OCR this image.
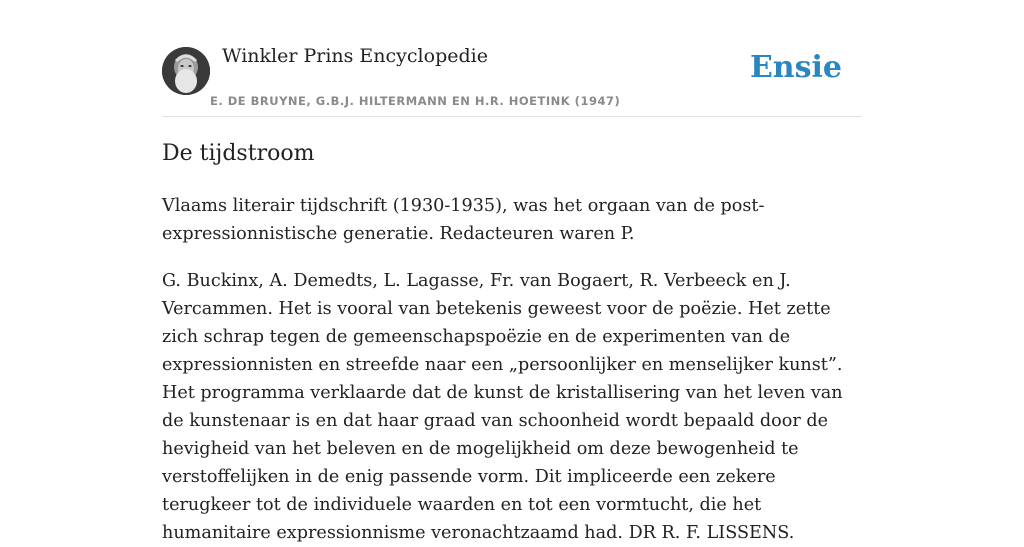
Winkler Prins Encyclopedie
E. DE BRUYNE, G.B.J. HILTERMANN EN H.R. HOETINK (1947)
Ensie
De tijdstroom

Vlaams literair tijdschrift (1930-1935), was het orgaan van de post-expressionnistische generatie. Redacteuren waren P.

G. Buckinx, A. Demedts, L. Lagasse, Fr. van Bogaert, R. Verbeeck en J. Vercammen. Het is vooral van betekenis geweest voor de poëzie. Het zette zich schrap tegen de gemeenschapspoëzie en de experimenten van de expressionnisten en streefde naar een „persoonlijker en menselijker kunst”. Het programma verklaarde dat de kunst de kristallisering van het leven van de kunstenaar is en dat haar graad van schoonheid wordt bepaald door de hevigheid van het beleven en de mogelijkheid om deze bewogenheid te verstoffelijken in de enig passende vorm. Dit impliceerde een zekere terugkeer tot de individuele waarden en tot een vormtucht, die het humanitaire expressionnisme veronachtzaamd had. DR R. F. LISSENS.
